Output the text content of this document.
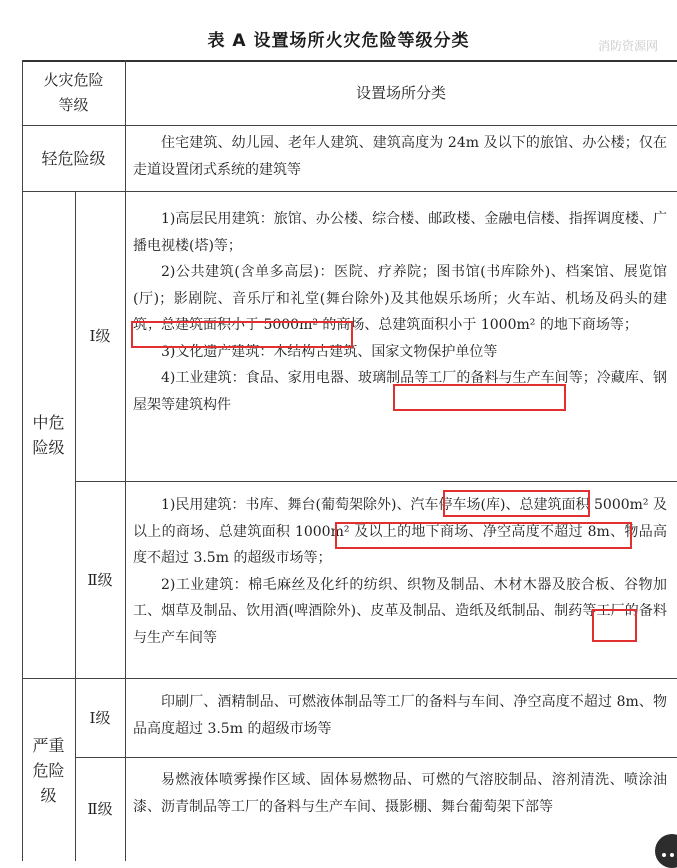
表 A 设置场所火灾危险等级分类	消防资源网
火灾危险
等级
设置场所分类
轻危险级
住宅建筑、幼儿园、老年人建筑、建筑高度为 24m 及以下的旅馆、办公楼；仅在走道设置闭式系统的建筑等
中危
险级
Ⅰ级
1)高层民用建筑：旅馆、办公楼、综合楼、邮政楼、金融电信楼、指挥调度楼、广播电视楼(塔)等；
2)公共建筑(含单多高层)：医院、疗养院；图书馆(书库除外)、档案馆、展览馆(厅)；影剧院、音乐厅和礼堂(舞台除外)及其他娱乐场所；火车站、机场及码头的建筑；总建筑面积小于 5000m² 的商场、总建筑面积小于 1000m² 的地下商场等；
3)文化遗产建筑：木结构古建筑、国家文物保护单位等
4)工业建筑：食品、家用电器、玻璃制品等工厂的备料与生产车间等；冷藏库、钢屋架等建筑构件
Ⅱ级
1)民用建筑：书库、舞台(葡萄架除外)、汽车停车场(库)、总建筑面积 5000m² 及以上的商场、总建筑面积 1000m² 及以上的地下商场、净空高度不超过 8m、物品高度不超过 3.5m 的超级市场等；
2)工业建筑：棉毛麻丝及化纤的纺织、织物及制品、木材木器及胶合板、谷物加工、烟草及制品、饮用酒(啤酒除外)、皮革及制品、造纸及纸制品、制药等工厂的备料与生产车间等
严重
危险
级
Ⅰ级
印刷厂、酒精制品、可燃液体制品等工厂的备料与车间、净空高度不超过 8m、物品高度超过 3.5m 的超级市场等
Ⅱ级
易燃液体喷雾操作区域、固体易燃物品、可燃的气溶胶制品、溶剂清洗、喷涂油漆、沥青制品等工厂的备料与生产车间、摄影棚、舞台葡萄架下部等
